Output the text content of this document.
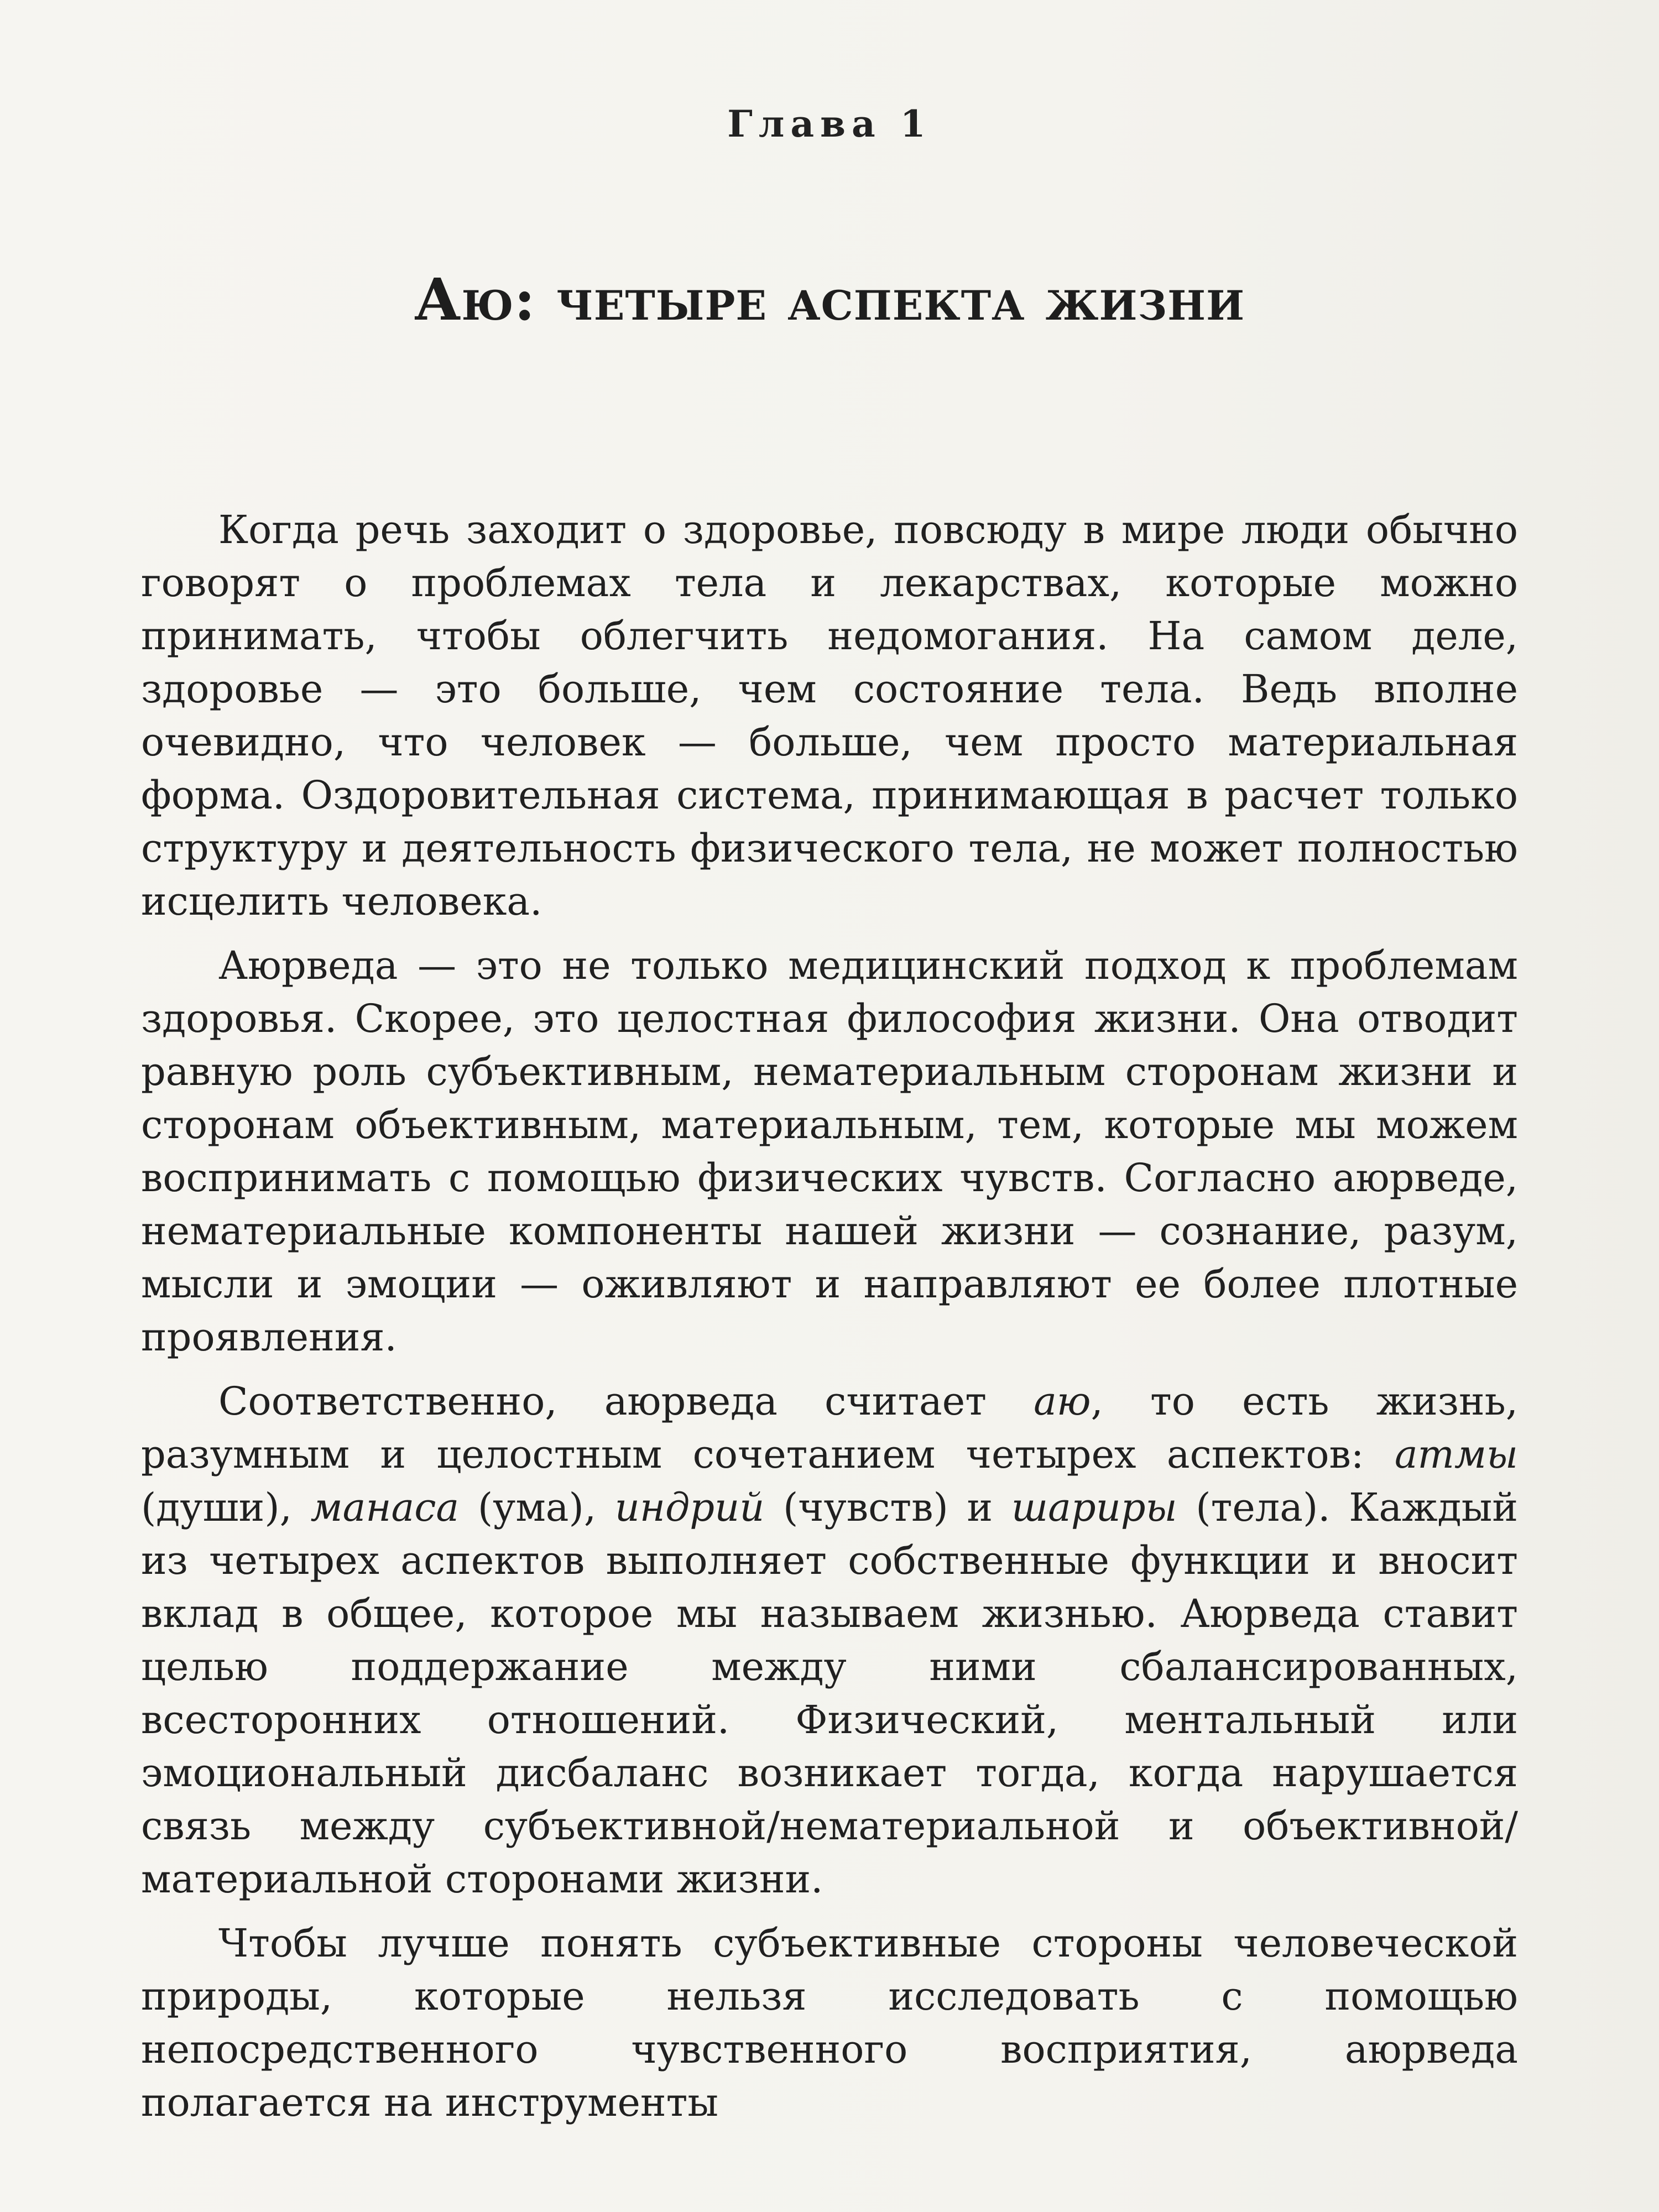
Глава 1
Аю: четыре аспекта жизни

Когда речь заходит о здоровье, повсюду в мире люди обычно говорят о проблемах тела и лекарствах, которые можно принимать, чтобы облегчить недомогания. На самом деле, здоровье — это больше, чем состояние тела. Ведь вполне очевидно, что человек — больше, чем просто материальная форма. Оздоровительная система, принимающая в расчет только структуру и деятельность физического тела, не может полностью исцелить человека.

Аюрведа — это не только медицинский подход к проблемам здоровья. Скорее, это целостная философия жизни. Она отводит равную роль субъективным, нематериальным сторонам жизни и сторонам объективным, материальным, тем, которые мы можем воспринимать с помощью физических чувств. Согласно аюрведе, нематериальные компоненты нашей жизни — сознание, разум, мысли и эмоции — оживляют и направляют ее более плотные проявления.

Соответственно, аюрведа считает аю, то есть жизнь, разумным и целостным сочетанием четырех аспектов: атмы (души), манаса (ума), индрий (чувств) и шариры (тела). Каждый из четырех аспектов выполняет собственные функции и вносит вклад в общее, которое мы называем жизнью. Аюрведа ставит целью поддержание между ними сбалансированных, всесторонних отношений. Физический, ментальный или эмоциональный дисбаланс возникает тогда, когда нарушается связь между субъективной/нематериальной и объективной/материальной сторонами жизни.

Чтобы лучше понять субъективные стороны человеческой природы, которые нельзя исследовать с помощью непосредственного чувственного восприятия, аюрведа полагается на инструменты
